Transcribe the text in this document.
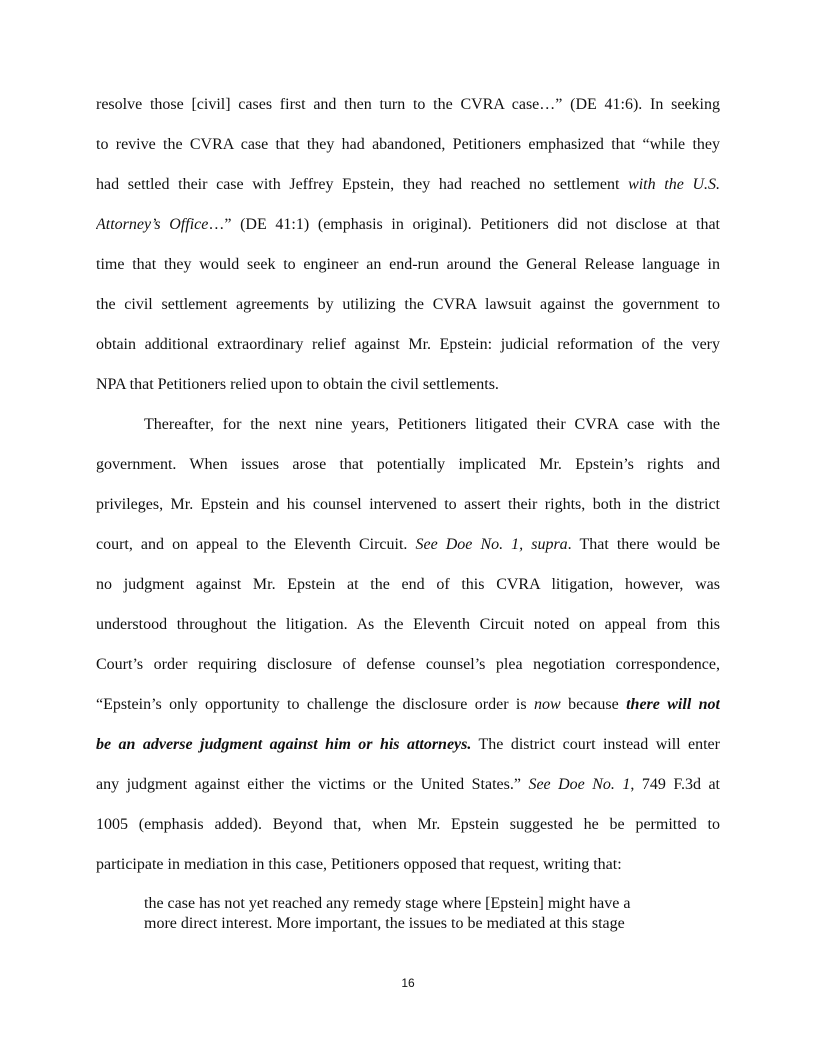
resolve those [civil] cases first and then turn to the CVRA case…” (DE 41:6). In seeking
to revive the CVRA case that they had abandoned, Petitioners emphasized that “while they
had settled their case with Jeffrey Epstein, they had reached no settlement with the U.S.
Attorney’s Office…” (DE 41:1) (emphasis in original). Petitioners did not disclose at that
time that they would seek to engineer an end-run around the General Release language in
the civil settlement agreements by utilizing the CVRA lawsuit against the government to
obtain additional extraordinary relief against Mr. Epstein: judicial reformation of the very
NPA that Petitioners relied upon to obtain the civil settlements.
Thereafter, for the next nine years, Petitioners litigated their CVRA case with the
government. When issues arose that potentially implicated Mr. Epstein’s rights and
privileges, Mr. Epstein and his counsel intervened to assert their rights, both in the district
court, and on appeal to the Eleventh Circuit. See Doe No. 1, supra. That there would be
no judgment against Mr. Epstein at the end of this CVRA litigation, however, was
understood throughout the litigation. As the Eleventh Circuit noted on appeal from this
Court’s order requiring disclosure of defense counsel’s plea negotiation correspondence,
“Epstein’s only opportunity to challenge the disclosure order is now because there will not
be an adverse judgment against him or his attorneys. The district court instead will enter
any judgment against either the victims or the United States.” See Doe No. 1, 749 F.3d at
1005 (emphasis added). Beyond that, when Mr. Epstein suggested he be permitted to
participate in mediation in this case, Petitioners opposed that request, writing that:
the case has not yet reached any remedy stage where [Epstein] might have a
more direct interest. More important, the issues to be mediated at this stage
16
